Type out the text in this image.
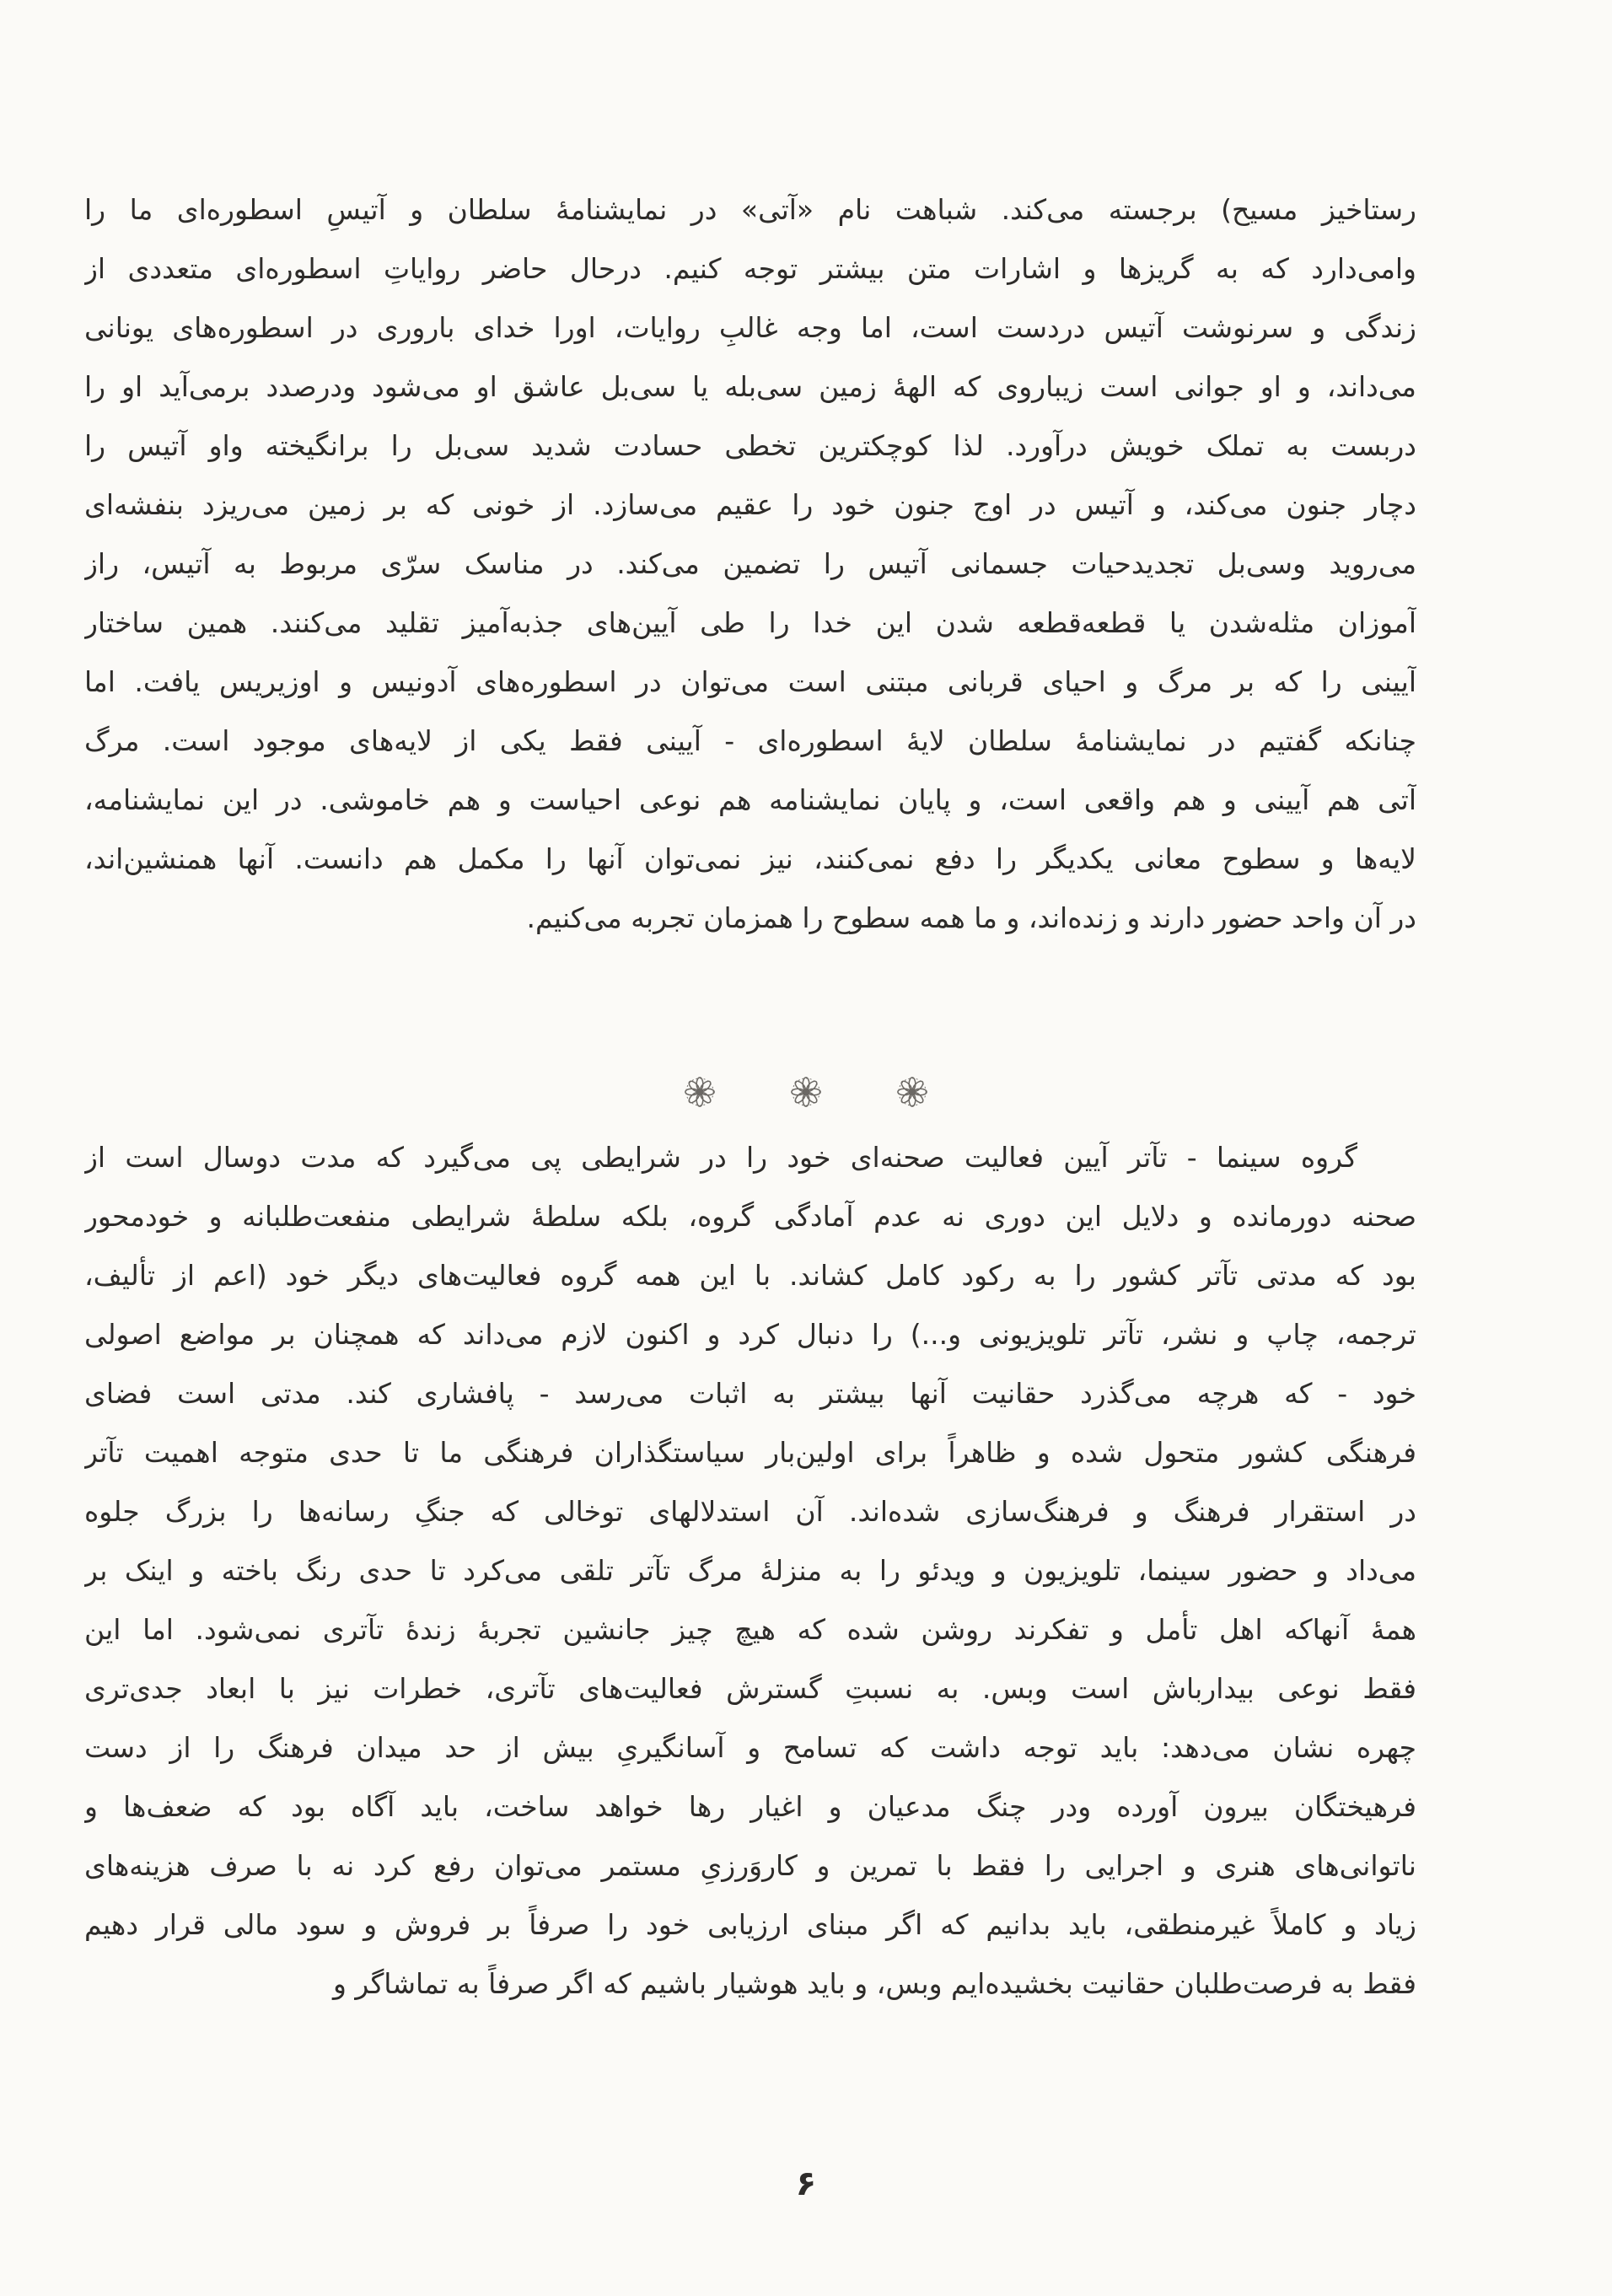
رستاخیز مسیح) برجسته می‌کند. شباهت نام «آتی» در نمایشنامهٔ سلطان و آتیسِ اسطوره‌ای ما را
وامی‌دارد که به گریزها و اشارات متن بیشتر توجه کنیم. درحال حاضر روایاتِ اسطوره‌ای متعددی از
زندگی و سرنوشت آتیس دردست است، اما وجه غالبِ روایات، اورا خدای باروری در اسطوره‌های یونانی
می‌داند، و او جوانی است زیباروی که الههٔ زمین سی‌بله یا سی‌بل عاشق او می‌شود ودرصدد برمی‌آید او را
دربست به تملک خویش درآورد. لذا کوچکترین تخطی حسادت شدید سی‌بل را برانگیخته واو آتیس را
دچار جنون می‌کند، و آتیس در اوج جنون خود را عقیم می‌سازد. از خونی که بر زمین می‌ریزد بنفشه‌ای
می‌روید وسی‌بل تجدیدحیات جسمانی آتیس را تضمین می‌کند. در مناسک سرّی مربوط به آتیس، راز
آموزان مثله‌شدن یا قطعه‌قطعه شدن این خدا را طی آیین‌های جذبه‌آمیز تقلید می‌کنند. همین ساختار
آیینی را که بر مرگ و احیای قربانی مبتنی است می‌توان در اسطوره‌های آدونیس و اوزیریس یافت. اما
چنانکه گفتیم در نمایشنامهٔ سلطان لایهٔ اسطوره‌ای - آیینی فقط یکی از لایه‌های موجود است. مرگ
آتی هم آیینی و هم واقعی است، و پایان نمایشنامه هم نوعی احیاست و هم خاموشی. در این نمایشنامه،
لایه‌ها و سطوح معانی یکدیگر را دفع نمی‌کنند، نیز نمی‌توان آنها را مکمل هم دانست. آنها همنشین‌اند،
در آن واحد حضور دارند و زنده‌اند، و ما همه سطوح را همزمان تجربه می‌کنیم.
گروه سینما - تآتر آیین فعالیت صحنه‌ای خود را در شرایطی پی می‌گیرد که مدت دوسال است از
صحنه دورمانده و دلایل این دوری نه عدم آمادگی گروه، بلکه سلطهٔ شرایطی منفعت‌طلبانه و خودمحور
بود که مدتی تآتر کشور را به رکود کامل کشاند. با این همه گروه فعالیت‌های دیگر خود (اعم از تألیف،
ترجمه، چاپ و نشر، تآتر تلویزیونی و...) را دنبال کرد و اکنون لازم می‌داند که همچنان بر مواضع اصولی
خود - که هرچه می‌گذرد حقانیت آنها بیشتر به اثبات می‌رسد - پافشاری کند. مدتی است فضای
فرهنگی کشور متحول شده و ظاهراً برای اولین‌بار سیاستگذاران فرهنگی ما تا حدی متوجه اهمیت تآتر
در استقرار فرهنگ و فرهنگ‌سازی شده‌اند. آن استدلالهای توخالی که جنگِ رسانه‌ها را بزرگ جلوه
می‌داد و حضور سینما، تلویزیون و ویدئو را به منزلهٔ مرگ تآتر تلقی می‌کرد تا حدی رنگ باخته و اینک بر
همهٔ آنهاکه اهل تأمل و تفکرند روشن شده که هیچ چیز جانشین تجربهٔ زندهٔ تآتری نمی‌شود. اما این
فقط نوعی بیدارباش است وبس. به نسبتِ گسترش فعالیت‌های تآتری، خطرات نیز با ابعاد جدی‌تری
چهره نشان می‌دهد: باید توجه داشت که تسامح و آسانگیریِ بیش از حد میدان فرهنگ را از دست
فرهیختگان بیرون آورده ودر چنگ مدعیان و اغیار رها خواهد ساخت، باید آگاه بود که ضعف‌ها و
ناتوانی‌های هنری و اجرایی را فقط با تمرین و کاروَرزیِ مستمر می‌توان رفع کرد نه با صرف هزینه‌های
زیاد و کاملاً غیرمنطقی، باید بدانیم که اگر مبنای ارزیابی خود را صرفاً بر فروش و سود مالی قرار دهیم
فقط به فرصت‌طلبان حقانیت بخشیده‌ایم وبس، و باید هوشیار باشیم که اگر صرفاً به تماشاگر و
۶
